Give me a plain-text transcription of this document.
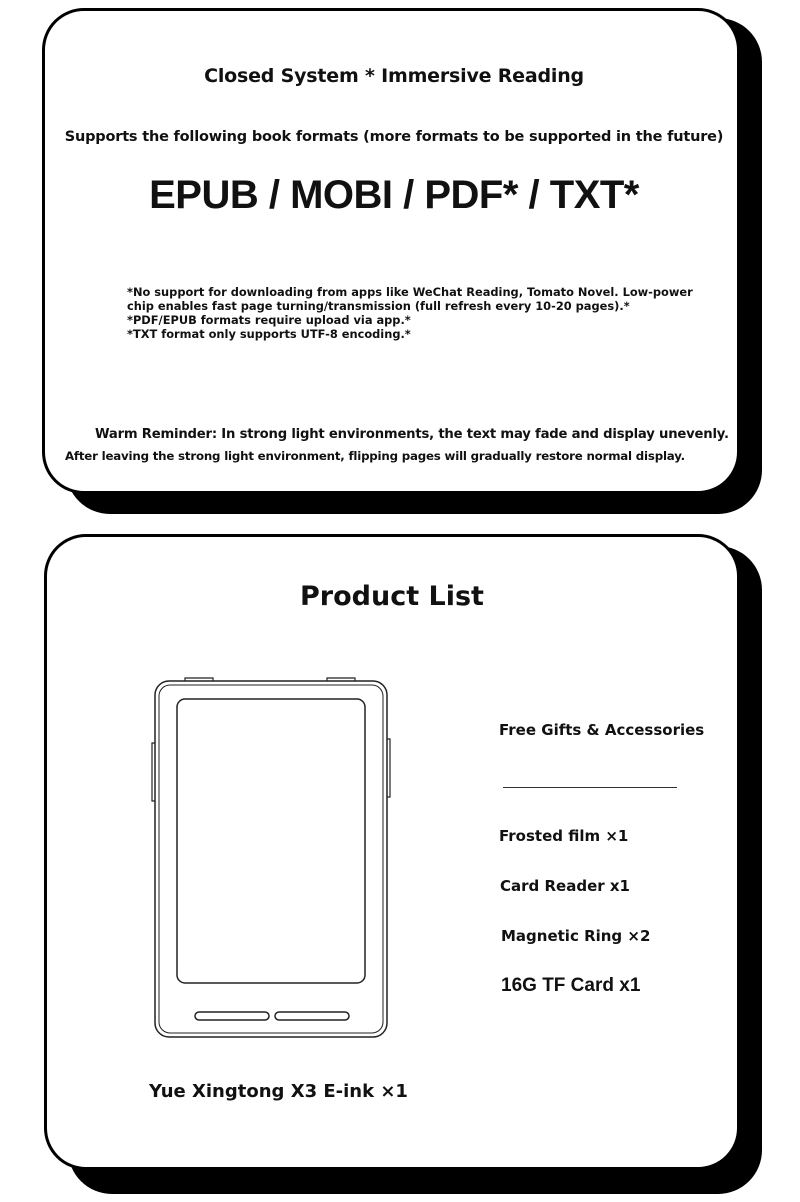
Closed System * Immersive Reading
Supports the following book formats (more formats to be supported in the future)
EPUB / MOBI / PDF* / TXT*
*No support for downloading from apps like WeChat Reading, Tomato Novel. Low-power
chip enables fast page turning/transmission (full refresh every 10-20 pages).*
*PDF/EPUB formats require upload via app.*
*TXT format only supports UTF-8 encoding.*
Warm Reminder: In strong light environments, the text may fade and display unevenly.
After leaving the strong light environment, flipping pages will gradually restore normal display.
Product List
Yue Xingtong X3 E-ink ×1
Free Gifts & Accessories
Frosted film ×1
Card Reader x1
Magnetic Ring ×2
16G TF Card x1
